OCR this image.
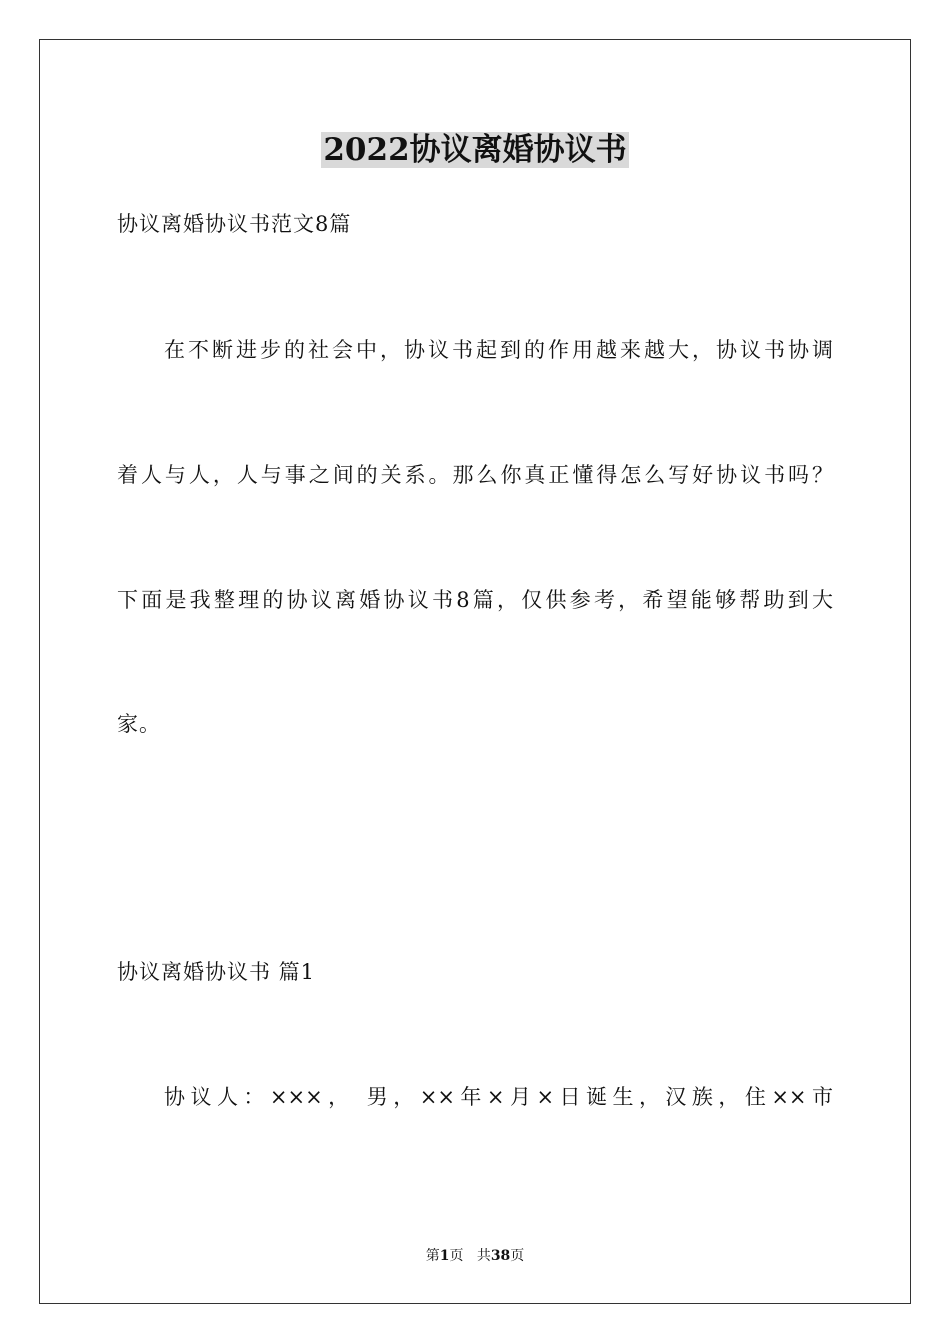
2022协议离婚协议书
协议离婚协议书范文8篇
在不断进步的社会中，协议书起到的作用越来越大，协议书协调
着人与人，人与事之间的关系。那么你真正懂得怎么写好协议书吗？
下面是我整理的协议离婚协议书8篇，仅供参考，希望能够帮助到大
家。
协议离婚协议书 篇1
协议人：×××， 男，××年×月×日诞生，汉族，住××市
第1页 共38页
